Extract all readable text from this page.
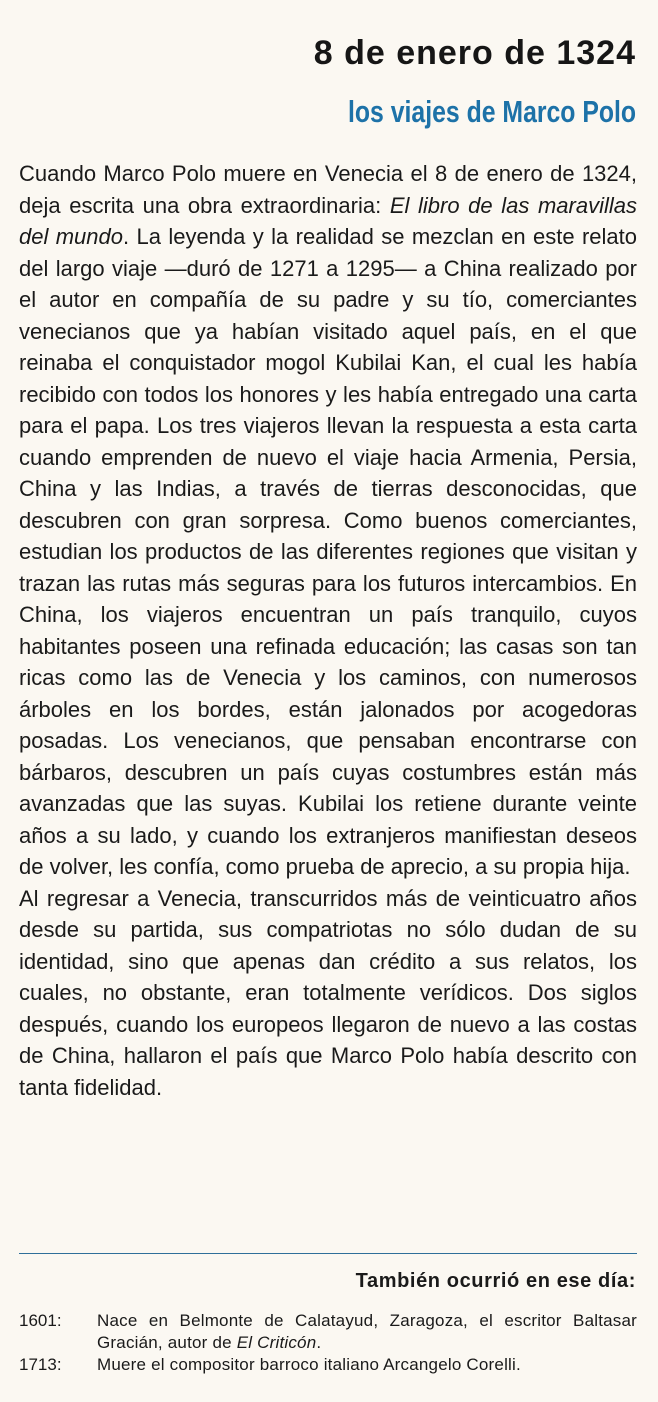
8 de enero de 1324
los viajes de Marco Polo

Cuando Marco Polo muere en Venecia el 8 de enero de 1324, deja escrita una obra extraordinaria: El libro de las maravillas del mundo. La leyenda y la realidad se mezclan en este relato del largo viaje —duró de 1271 a 1295— a China realizado por el autor en compañía de su padre y su tío, comerciantes venecianos que ya habían visitado aquel país, en el que reinaba el conquistador mogol Kubilai Kan, el cual les había recibido con todos los honores y les había entregado una carta para el papa. Los tres viajeros llevan la respuesta a esta carta cuando emprenden de nuevo el viaje hacia Armenia, Persia, China y las Indias, a través de tierras desconocidas, que descubren con gran sorpresa. Como buenos comerciantes, estudian los productos de las diferentes regiones que visitan y trazan las rutas más seguras para los futuros intercambios. En China, los viajeros encuentran un país tranquilo, cuyos habitantes poseen una refinada educación; las casas son tan ricas como las de Venecia y los caminos, con numerosos árboles en los bordes, están jalonados por acogedoras posadas. Los venecianos, que pensaban encontrarse con bárbaros, descubren un país cuyas costumbres están más avanzadas que las suyas. Kubilai los retiene durante veinte años a su lado, y cuando los extranjeros manifiestan deseos de volver, les confía, como prueba de aprecio, a su propia hija.

Al regresar a Venecia, transcurridos más de veinticuatro años desde su partida, sus compatriotas no sólo dudan de su identidad, sino que apenas dan crédito a sus relatos, los cuales, no obstante, eran totalmente verídicos. Dos siglos después, cuando los europeos llegaron de nuevo a las costas de China, hallaron el país que Marco Polo había descrito con tanta fidelidad.

También ocurrió en ese día:
1601:	Nace en Belmonte de Calatayud, Zaragoza, el escritor Baltasar Gracián, autor de El Criticón.
1713:	Muere el compositor barroco italiano Arcangelo Corelli.
